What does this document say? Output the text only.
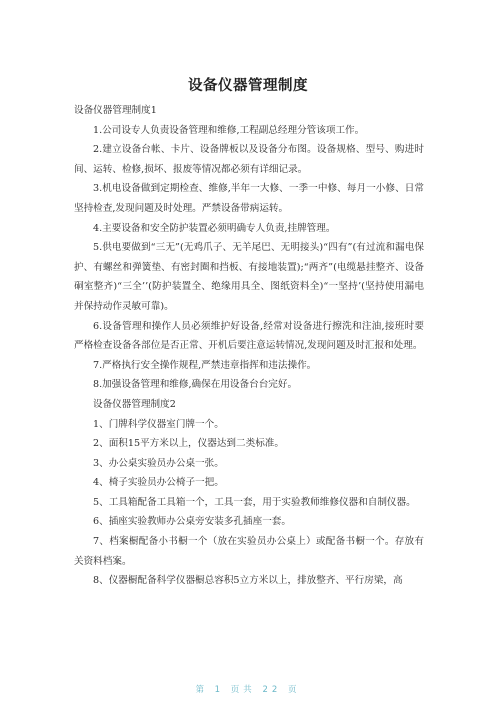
设备仪器管理制度

设备仪器管理制度1

1.公司设专人负责设备管理和维修,工程副总经理分管该项工作。

2.建立设备台帐、卡片、设备牌板以及设备分布图。设备规格、型号、购进时间、运转、检修,损坏、报废等情况都必须有详细记录。

3.机电设备做到定期检查、维修,半年一大修、一季一中修、每月一小修、日常坚持检查,发现问题及时处理。严禁设备带病运转。

4.主要设备和安全防护装置必须明确专人负责,挂牌管理。

5.供电要做到“三无”(无鸡爪子、无羊尾巴、无明接头)“四有”(有过流和漏电保护、有螺丝和弹簧垫、有密封圈和挡板、有接地装置);“两齐”(电缆悬挂整齐、设备硐室整齐)“三全’’(防护装置全、绝缘用具全、图纸资料全)“一坚持’(坚持使用漏电并保持动作灵敏可靠)。

6.设备管理和操作人员必须维护好设备,经常对设备进行擦洗和注油,接班时要严格检查设备各部位是否正常、开机后要注意运转情况,发现问题及时汇报和处理。

7.严格执行安全操作规程,严禁违章指挥和违法操作。

8.加强设备管理和维修,确保在用设备台台完好。

设备仪器管理制度2

1、门牌科学仪器室门牌一个。

2、面积15平方米以上，仪器达到二类标准。

3、办公桌实验员办公桌一张。

4、椅子实验员办公椅子一把。

5、工具箱配备工具箱一个，工具一套，用于实验教师维修仪器和自制仪器。

6、插座实验教师办公桌旁安装多孔插座一套。

7、档案橱配备小书橱一个（放在实验员办公桌上）或配备书橱一个。存放有关资料档案。

8、仪器橱配备科学仪器橱总容积5立方米以上，排放整齐、平行房梁，高

第 1 页共 22 页
